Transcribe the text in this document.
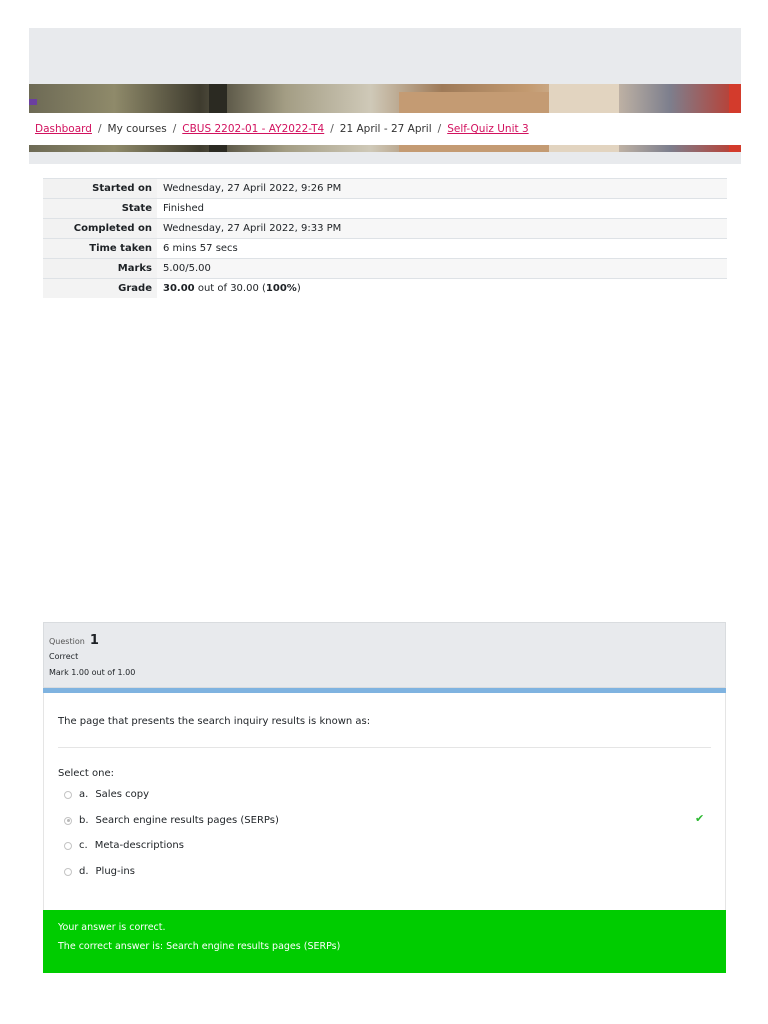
Dashboard / My courses / CBUS 2202-01 - AY2022-T4 / 21 April - 27 April / Self-Quiz Unit 3
Started on	Wednesday, 27 April 2022, 9:26 PM
State	Finished
Completed on	Wednesday, 27 April 2022, 9:33 PM
Time taken	6 mins 57 secs
Marks	5.00/5.00
Grade	30.00 out of 30.00 (100%)
Question 1
Correct
Mark 1.00 out of 1.00
The page that presents the search inquiry results is known as:
Select one:
a. Sales copy
b. Search engine results pages (SERPs)
c. Meta-descriptions
d. Plug-ins
✔
Your answer is correct.
The correct answer is: Search engine results pages (SERPs)
